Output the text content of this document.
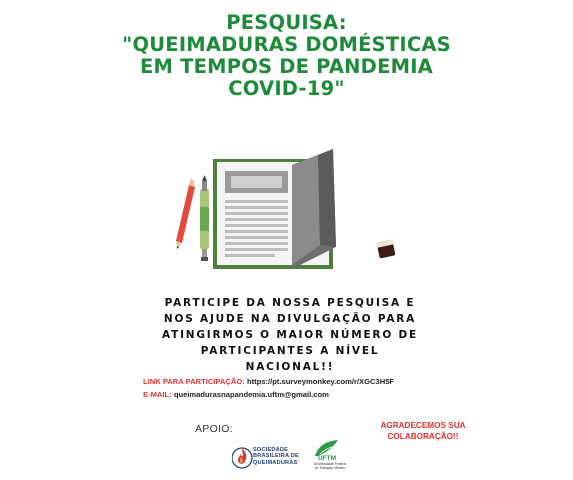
PESQUISA:
"QUEIMADURAS DOMÉSTICAS
EM TEMPOS DE PANDEMIA
COVID-19"
PARTICIPE DA NOSSA PESQUISA E
NOS AJUDE NA DIVULGAÇÃO PARA
ATINGIRMOS O MAIOR NÚMERO DE
PARTICIPANTES A NÍVEL
NACIONAL!!
LINK PARA PARTICIPAÇÃO: https://pt.surveymonkey.com/r/XGC3H5F
E-MAIL: queimadurasnapandemia.uftm@gmail.com
APOIO:	AGRADECEMOS SUA
COLABORAÇÃO!!
SOCIEDADE
BRASILEIRA DE
QUEIMADURAS
UFTM
Universidade Federal
do Triângulo Mineiro
